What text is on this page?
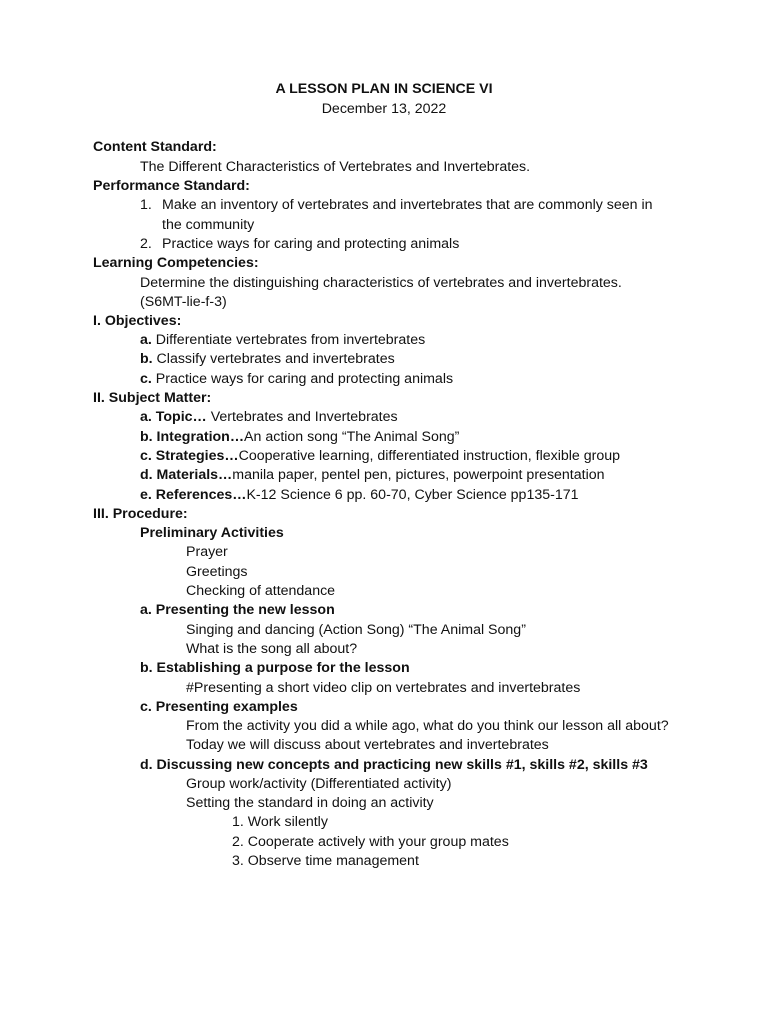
A LESSON PLAN IN SCIENCE VI
December 13, 2022
Content Standard:
The Different Characteristics of Vertebrates and Invertebrates.
Performance Standard:
1. Make an inventory of vertebrates and invertebrates that are commonly seen in
the community
2. Practice ways for caring and protecting animals
Learning Competencies:
Determine the distinguishing characteristics of vertebrates and invertebrates.
(S6MT-lie-f-3)
I. Objectives:
a. Differentiate vertebrates from invertebrates
b. Classify vertebrates and invertebrates
c. Practice ways for caring and protecting animals
II. Subject Matter:
a. Topic… Vertebrates and Invertebrates
b. Integration…An action song “The Animal Song”
c. Strategies…Cooperative learning, differentiated instruction, flexible group
d. Materials…manila paper, pentel pen, pictures, powerpoint presentation
e. References…K-12 Science 6 pp. 60-70, Cyber Science pp135-171
III. Procedure:
Preliminary Activities
Prayer
Greetings
Checking of attendance
a. Presenting the new lesson
Singing and dancing (Action Song) “The Animal Song”
What is the song all about?
b. Establishing a purpose for the lesson
#Presenting a short video clip on vertebrates and invertebrates
c. Presenting examples
From the activity you did a while ago, what do you think our lesson all about?
Today we will discuss about vertebrates and invertebrates
d. Discussing new concepts and practicing new skills #1, skills #2, skills #3
Group work/activity (Differentiated activity)
Setting the standard in doing an activity
1. Work silently
2. Cooperate actively with your group mates
3. Observe time management
